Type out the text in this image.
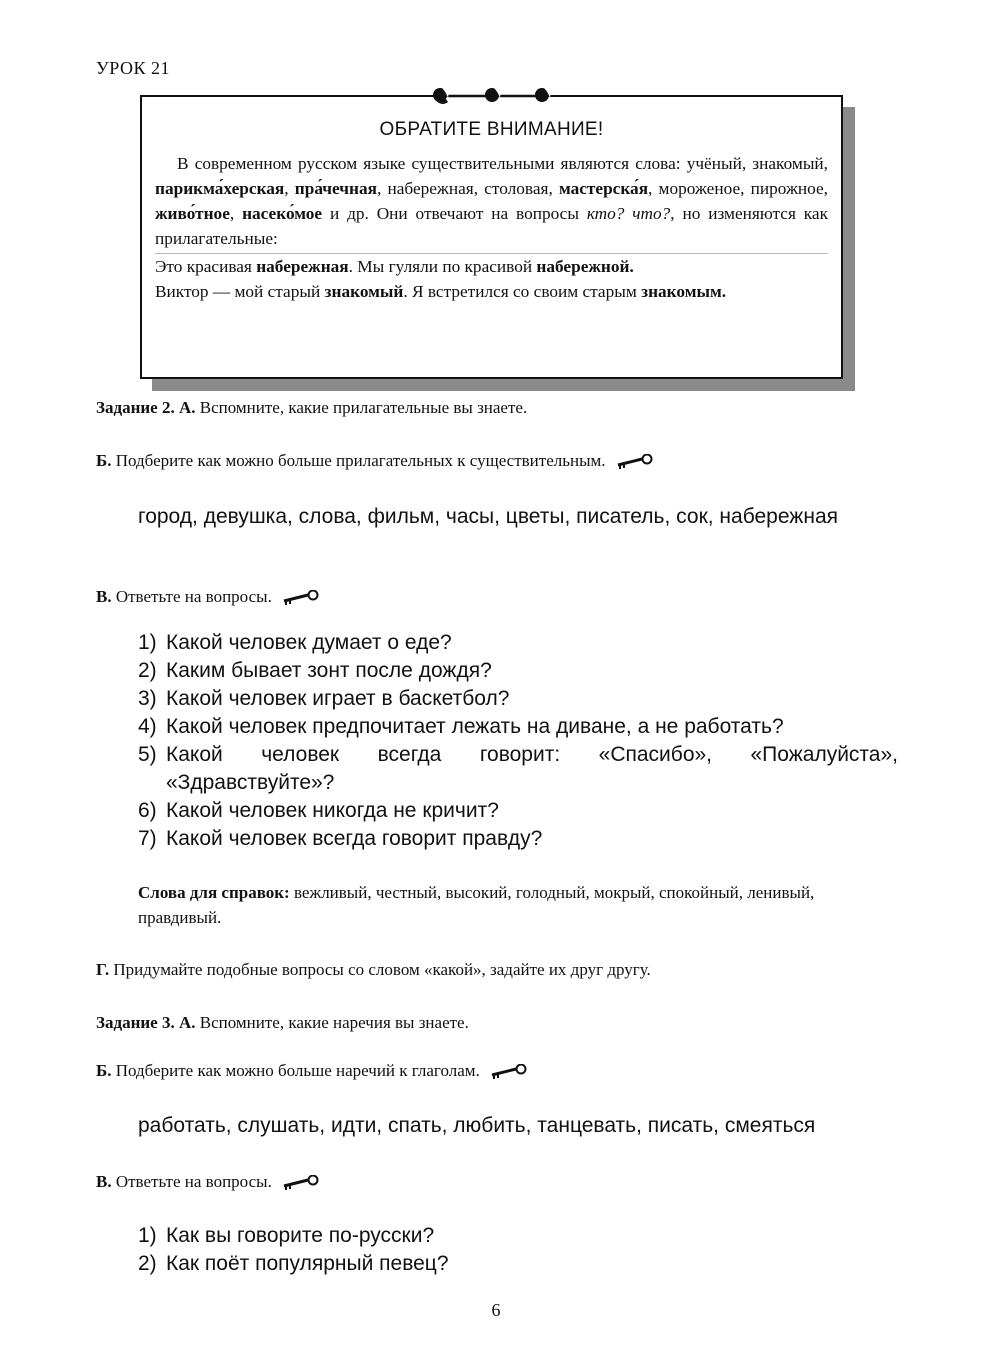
УРОК 21
ОБРАТИТЕ ВНИМАНИЕ!

В современном русском языке существительными являются слова: учёный, знакомый, парикма́херская, пра́чечная, набережная, столовая, мастерска́я, мороженое, пирожное, живо́тное, насеко́мое и др. Они отвечают на вопросы кто? что?, но изменяются как прилагательные:

Это красивая набережная. Мы гуляли по красивой набережной.

Виктор — мой старый знакомый. Я встретился со своим старым знакомым.

Задание 2. А. Вспомните, какие прилагательные вы знаете.
Б. Подберите как можно больше прилагательных к существительным.
город, девушка, слова, фильм, часы, цветы, писатель, сок, набережная
В. Ответьте на вопросы.
1) Какой человек думает о еде?
2) Каким бывает зонт после дождя?
3) Какой человек играет в баскетбол?
4) Какой человек предпочитает лежать на диване, а не работать?
5) Какой человек всегда говорит: «Спасибо», «Пожалуйста», «Здравствуйте»?
6) Какой человек никогда не кричит?
7) Какой человек всегда говорит правду?
Слова для справок: вежливый, честный, высокий, голодный, мокрый, спокойный, ленивый, правдивый.
Г. Придумайте подобные вопросы со словом «какой», задайте их друг другу.
Задание 3. А. Вспомните, какие наречия вы знаете.
Б. Подберите как можно больше наречий к глаголам.
работать, слушать, идти, спать, любить, танцевать, писать, смеяться
В. Ответьте на вопросы.
1) Как вы говорите по-русски?
2) Как поёт популярный певец?
6
